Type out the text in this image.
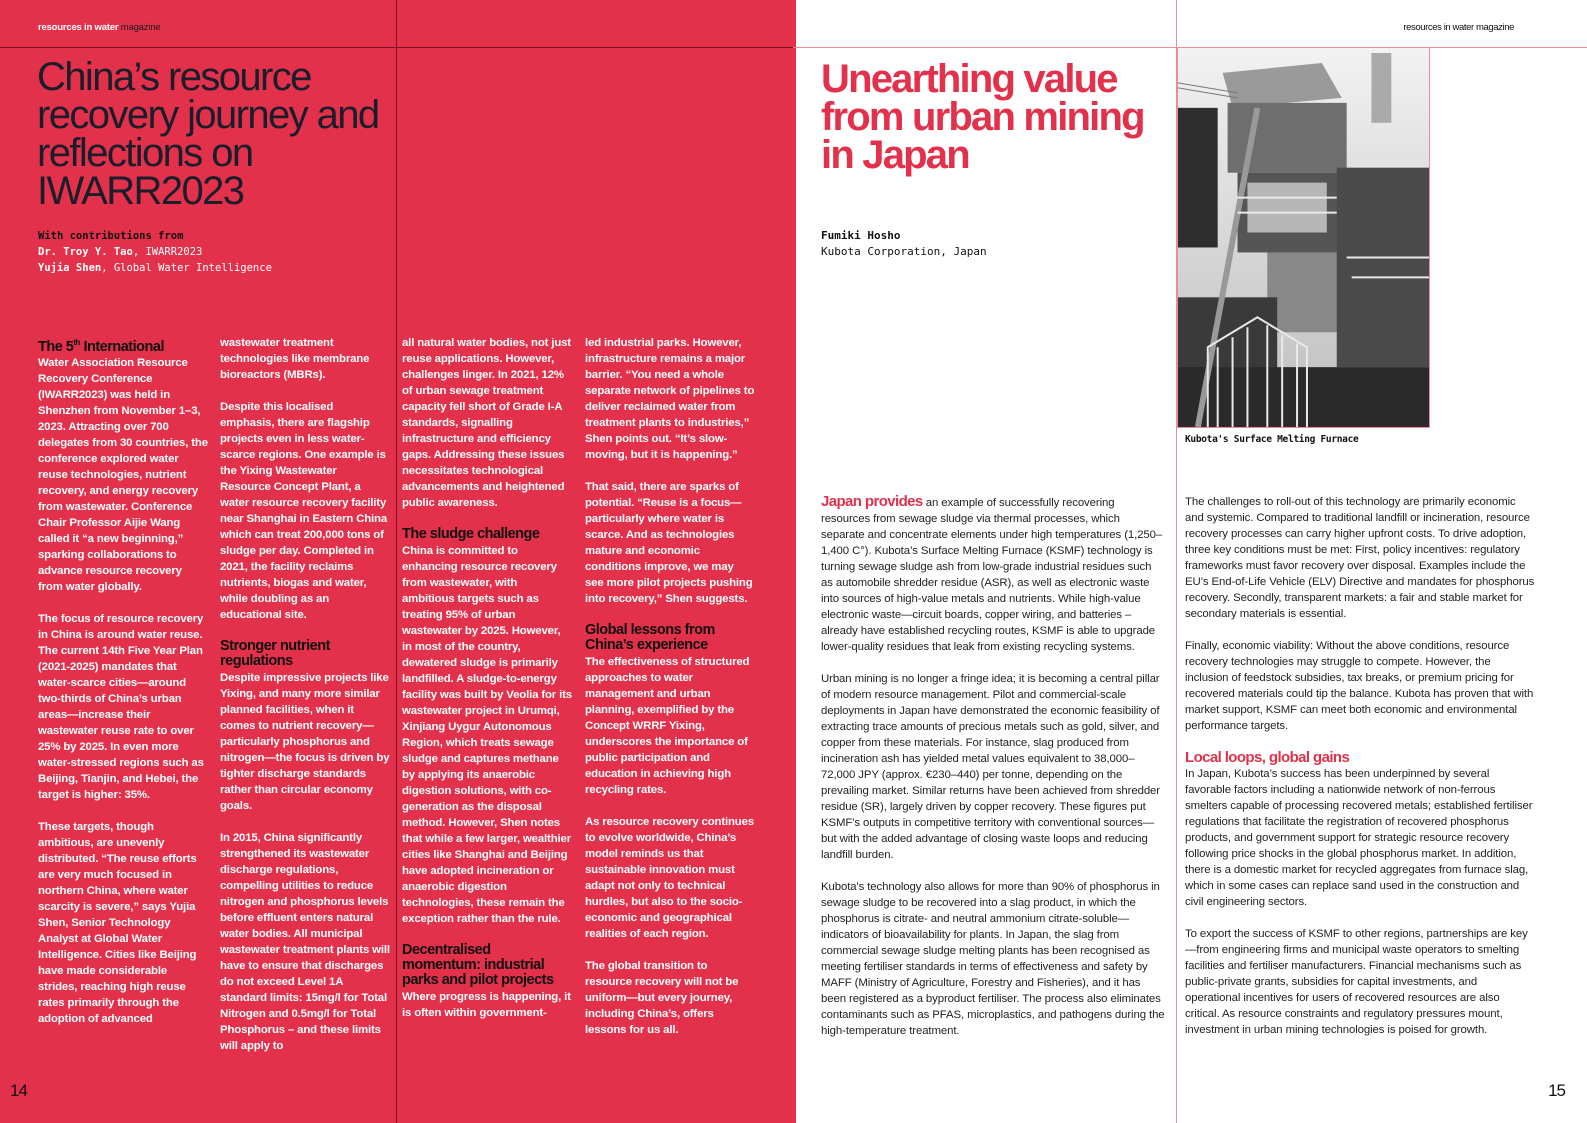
resources in water magazine
China’s resource recovery journey and reflections on IWARR2023
With contributions from
Dr. Troy Y. Tao, IWARR2023
Yujia Shen, Global Water Intelligence
The 5th International

Water Association Resource Recovery Conference (IWARR2023) was held in Shenzhen from November 1–3, 2023. Attracting over 700 delegates from 30 countries, the conference explored water reuse technologies, nutrient recovery, and energy recovery from wastewater. Conference Chair Professor Aijie Wang called it “a new beginning,” sparking collaborations to advance resource recovery from water globally.

The focus of resource recovery in China is around water reuse. The current 14th Five Year Plan (2021-2025) mandates that water-scarce cities—around two-thirds of China’s urban areas—increase their wastewater reuse rate to over 25% by 2025. In even more water-stressed regions such as Beijing, Tianjin, and Hebei, the target is higher: 35%.

These targets, though ambitious, are unevenly distributed. “The reuse efforts are very much focused in northern China, where water scarcity is severe,” says Yujia Shen, Senior Technology Analyst at Global Water Intelligence. Cities like Beijing have made considerable strides, reaching high reuse rates primarily through the adoption of advanced

wastewater treatment technologies like membrane bioreactors (MBRs).

Despite this localised emphasis, there are flagship projects even in less water-scarce regions. One example is the Yixing Wastewater Resource Concept Plant, a water resource recovery facility near Shanghai in Eastern China which can treat 200,000 tons of sludge per day. Completed in 2021, the facility reclaims nutrients, biogas and water, while doubling as an educational site.

Stronger nutrient regulations

Despite impressive projects like Yixing, and many more similar planned facilities, when it comes to nutrient recovery—particularly phosphorus and nitrogen—the focus is driven by tighter discharge standards rather than circular economy goals.

In 2015, China significantly strengthened its wastewater discharge regulations, compelling utilities to reduce nitrogen and phosphorus levels before effluent enters natural water bodies. All municipal wastewater treatment plants will have to ensure that discharges do not exceed Level 1A standard limits: 15mg/l for Total Nitrogen and 0.5mg/l for Total Phosphorus – and these limits will apply to

all natural water bodies, not just reuse applications. However, challenges linger. In 2021, 12% of urban sewage treatment capacity fell short of Grade I-A standards, signalling infrastructure and efficiency gaps. Addressing these issues necessitates technological advancements and heightened public awareness.

The sludge challenge

China is committed to enhancing resource recovery from wastewater, with ambitious targets such as treating 95% of urban wastewater by 2025. However, in most of the country, dewatered sludge is primarily landfilled. A sludge-to-energy facility was built by Veolia for its wastewater project in Urumqi, Xinjiang Uygur Autonomous Region, which treats sewage sludge and captures methane by applying its anaerobic digestion solutions, with co-generation as the disposal method. However, Shen notes that while a few larger, wealthier cities like Shanghai and Beijing have adopted incineration or anaerobic digestion technologies, these remain the exception rather than the rule.

Decentralised momentum: industrial parks and pilot projects

Where progress is happening, it is often within government-

led industrial parks. However, infrastructure remains a major barrier. “You need a whole separate network of pipelines to deliver reclaimed water from treatment plants to industries,” Shen points out. “It’s slow-moving, but it is happening.”

That said, there are sparks of potential. “Reuse is a focus—particularly where water is scarce. And as technologies mature and economic conditions improve, we may see more pilot projects pushing into recovery,” Shen suggests.

Global lessons from China’s experience

The effectiveness of structured approaches to water management and urban planning, exemplified by the Concept WRRF Yixing, underscores the importance of public participation and education in achieving high recycling rates.

As resource recovery continues to evolve worldwide, China’s model reminds us that sustainable innovation must adapt not only to technical hurdles, but also to the socio-economic and geographical realities of each region.

The global transition to resource recovery will not be uniform—but every journey, including China’s, offers lessons for us all.

14
resources in water magazine
Unearthing value from urban mining in Japan
Fumiki Hosho
Kubota Corporation, Japan
Kubota's Surface Melting Furnace

Japan provides an example of successfully recovering resources from sewage sludge via thermal processes, which separate and concentrate elements under high temperatures (1,250–1,400 C°). Kubota’s Surface Melting Furnace (KSMF) technology is turning sewage sludge ash from low-grade industrial residues such as automobile shredder residue (ASR), as well as electronic waste into sources of high-value metals and nutrients. While high-value electronic waste—circuit boards, copper wiring, and batteries – already have established recycling routes, KSMF is able to upgrade lower-quality residues that leak from existing recycling systems.

Urban mining is no longer a fringe idea; it is becoming a central pillar of modern resource management. Pilot and commercial-scale deployments in Japan have demonstrated the economic feasibility of extracting trace amounts of precious metals such as gold, silver, and copper from these materials. For instance, slag produced from incineration ash has yielded metal values equivalent to 38,000–72,000 JPY (approx. €230–440) per tonne, depending on the prevailing market. Similar returns have been achieved from shredder residue (SR), largely driven by copper recovery. These figures put KSMF's outputs in competitive territory with conventional sources—but with the added advantage of closing waste loops and reducing landfill burden.

Kubota's technology also allows for more than 90% of phosphorus in sewage sludge to be recovered into a slag product, in which the phosphorus is citrate- and neutral ammonium citrate-soluble—indicators of bioavailability for plants. In Japan, the slag from commercial sewage sludge melting plants has been recognised as meeting fertiliser standards in terms of effectiveness and safety by MAFF (Ministry of Agriculture, Forestry and Fisheries), and it has been registered as a byproduct fertiliser. The process also eliminates contaminants such as PFAS, microplastics, and pathogens during the high-temperature treatment.

The challenges to roll-out of this technology are primarily economic and systemic. Compared to traditional landfill or incineration, resource recovery processes can carry higher upfront costs. To drive adoption, three key conditions must be met: First, policy incentives: regulatory frameworks must favor recovery over disposal. Examples include the EU’s End-of-Life Vehicle (ELV) Directive and mandates for phosphorus recovery. Secondly, transparent markets: a fair and stable market for secondary materials is essential.

Finally, economic viability: Without the above conditions, resource recovery technologies may struggle to compete. However, the inclusion of feedstock subsidies, tax breaks, or premium pricing for recovered materials could tip the balance. Kubota has proven that with market support, KSMF can meet both economic and environmental performance targets.

Local loops, global gains

In Japan, Kubota’s success has been underpinned by several favorable factors including a nationwide network of non-ferrous smelters capable of processing recovered metals; established fertiliser regulations that facilitate the registration of recovered phosphorus products, and government support for strategic resource recovery following price shocks in the global phosphorus market. In addition, there is a domestic market for recycled aggregates from furnace slag, which in some cases can replace sand used in the construction and civil engineering sectors.

To export the success of KSMF to other regions, partnerships are key—from engineering firms and municipal waste operators to smelting facilities and fertiliser manufacturers. Financial mechanisms such as public-private grants, subsidies for capital investments, and operational incentives for users of recovered resources are also critical. As resource constraints and regulatory pressures mount, investment in urban mining technologies is poised for growth.

15
